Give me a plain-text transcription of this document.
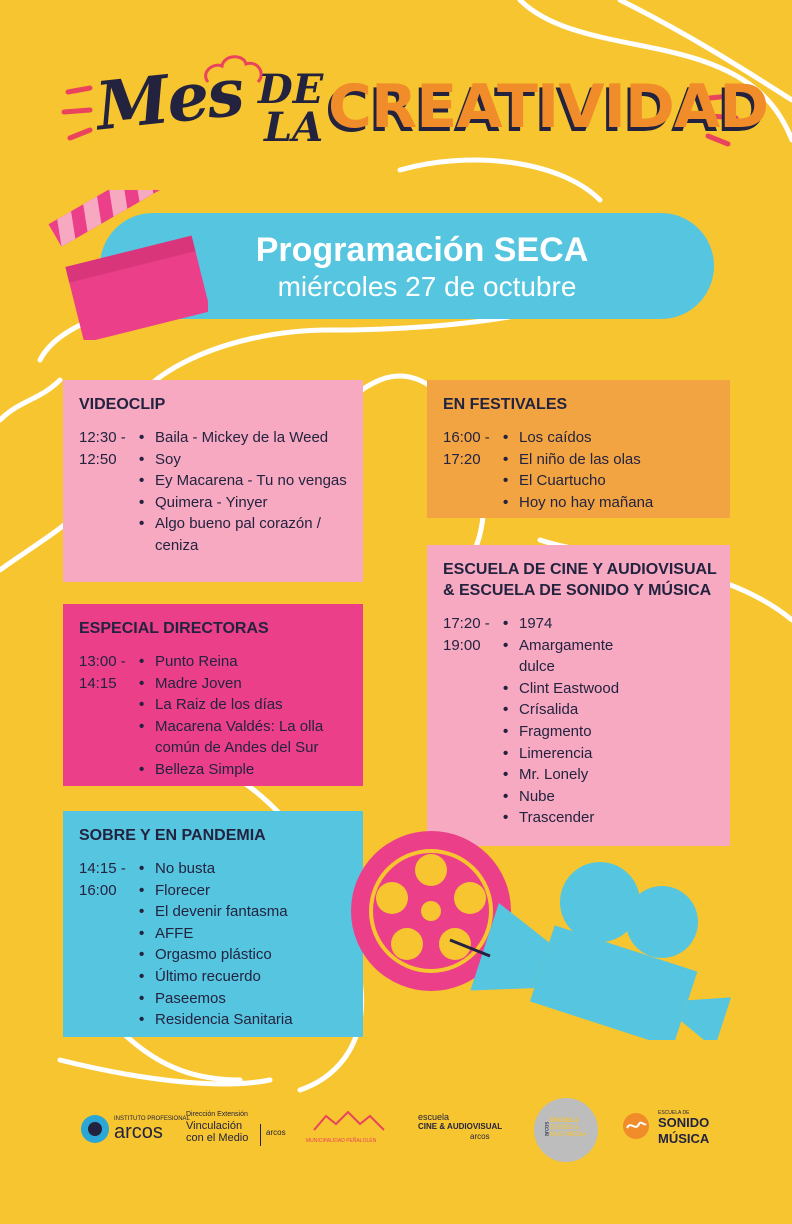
Mes DE
LA CREATIVIDAD
Programación SECA
miércoles 27 de octubre
VIDEOCLIP
12:30 -
12:50
• Baila - Mickey de la Weed
• Soy
• Ey Macarena - Tu no vengas
• Quimera - Yinyer
• Algo bueno pal corazón / ceniza
ESPECIAL DIRECTORAS
13:00 -
14:15
• Punto Reina
• Madre Joven
• La Raiz de los días
• Macarena Valdés: La olla común de Andes del Sur
• Belleza Simple
SOBRE Y EN PANDEMIA
14:15 -
16:00
• No busta
• Florecer
• El devenir fantasma
• AFFE
• Orgasmo plástico
• Último recuerdo
• Paseemos
• Residencia Sanitaria
EN FESTIVALES
16:00 -
17:20
• Los caídos
• El niño de las olas
• El Cuartucho
• Hoy no hay mañana
ESCUELA DE CINE Y AUDIOVISUAL & ESCUELA DE SONIDO Y MÚSICA
17:20 -
19:00
• 1974
• Amargamente dulce
• Clint Eastwood
• Crísalida
• Fragmento
• Limerencia
• Mr. Lonely
• Nube
• Trascender
INSTITUTO PROFESIONAL
arcos
Dirección Extensión
Vinculación
con el Medio arcos
MUNICIPALIDAD PEÑALOLÉN
escuela
CINE & AUDIOVISUAL
arcos
ESCUELA
DISEÑO &
MULTIMEDIA
arcos
ESCUELA DE
SONIDO
MÚSICA
